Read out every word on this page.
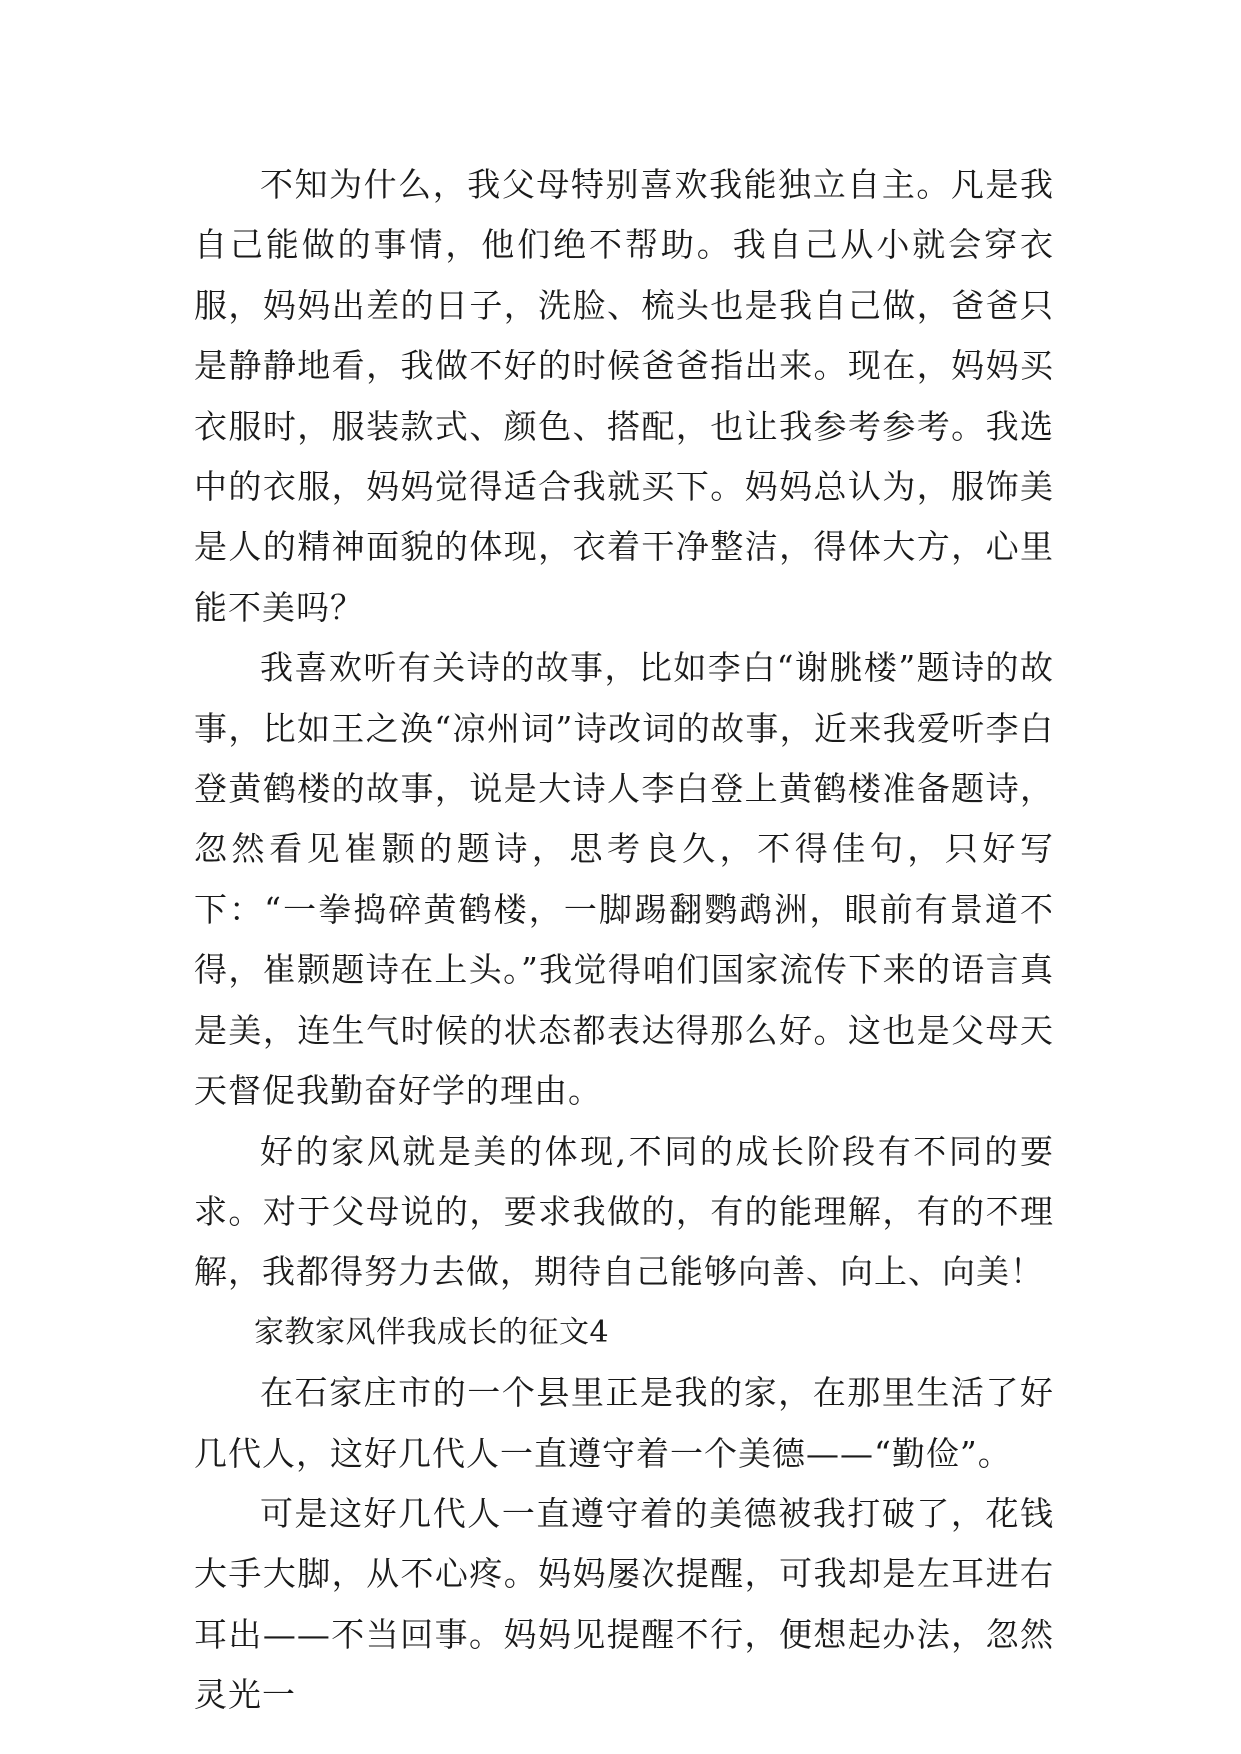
不知为什么，我父母特别喜欢我能独立自主。凡是我自己能做的事情，他们绝不帮助。我自己从小就会穿衣服，妈妈出差的日子，洗脸、梳头也是我自己做，爸爸只是静静地看，我做不好的时候爸爸指出来。现在，妈妈买衣服时，服装款式、颜色、搭配，也让我参考参考。我选中的衣服，妈妈觉得适合我就买下。妈妈总认为，服饰美是人的精神面貌的体现，衣着干净整洁，得体大方，心里能不美吗？

我喜欢听有关诗的故事，比如李白“谢朓楼”题诗的故事，比如王之涣“凉州词”诗改词的故事，近来我爱听李白登黄鹤楼的故事，说是大诗人李白登上黄鹤楼准备题诗，忽然看见崔颢的题诗，思考良久，不得佳句，只好写下：“一拳捣碎黄鹤楼，一脚踢翻鹦鹉洲，眼前有景道不得，崔颢题诗在上头。”我觉得咱们国家流传下来的语言真是美，连生气时候的状态都表达得那么好。这也是父母天天督促我勤奋好学的理由。

好的家风就是美的体现,不同的成长阶段有不同的要求。对于父母说的，要求我做的，有的能理解，有的不理解，我都得努力去做，期待自己能够向善、向上、向美！

家教家风伴我成长的征文4

在石家庄市的一个县里正是我的家，在那里生活了好几代人，这好几代人一直遵守着一个美德——“勤俭”。

可是这好几代人一直遵守着的美德被我打破了，花钱大手大脚，从不心疼。妈妈屡次提醒，可我却是左耳进右耳出——不当回事。妈妈见提醒不行，便想起办法，忽然灵光一
